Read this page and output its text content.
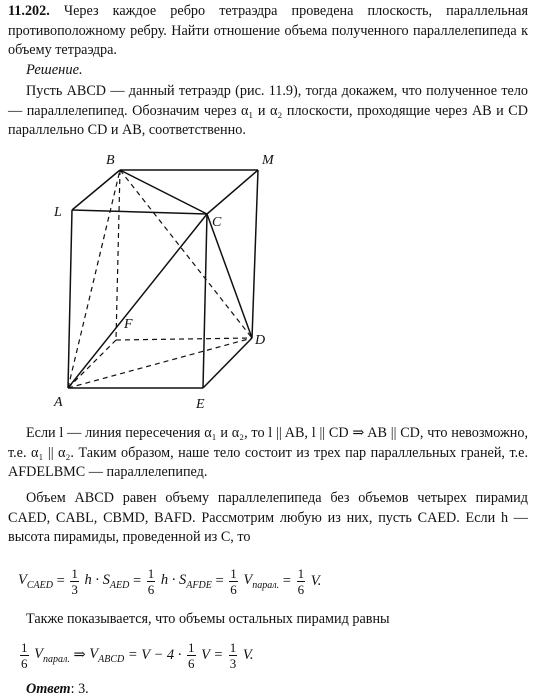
11.202. Через каждое ребро тетраэдра проведена плоскость, параллельная противоположному ребру. Найти отношение объема полученного параллелепипеда к объему тетраэдра.
Решение.
Пусть ABCD — данный тетраэдр (рис. 11.9), тогда докажем, что полученное тело — параллелепипед. Обозначим через α₁ и α₂ плоскости, проходящие через AB и CD параллельно CD и AB, соответственно.
B	M
L
C
F
D
A	E
Если l — линия пересечения α₁ и α₂, то l || AB, l || CD ⇒ AB || CD, что невозможно, т.е. α₁ || α₂. Таким образом, наше тело состоит из трех пар параллельных граней, т.е. AFDELBMC — параллелепипед.
Объем ABCD равен объему параллелепипеда без объемов четырех пирамид CAED, CABL, CBMD, BAFD. Рассмотрим любую из них, пусть CAED. Если h — высота пирамиды, проведенной из C, то
$V_{CAED} = \frac{1}{3}$ $h \cdot S_{AED} = \frac{1}{6}$ $h \cdot S_{AFDE} = \frac{1}{6} V_{парал.} = \frac{1}{6} V$.
Также показывается, что объемы остальных пирамид равны
$\frac{1}{6} V_{парал.}$ ⇒ $V_{ABCD} = V - 4 \cdot \frac{1}{6}$ $V = \frac{1}{3} V$.
Ответ: 3.
